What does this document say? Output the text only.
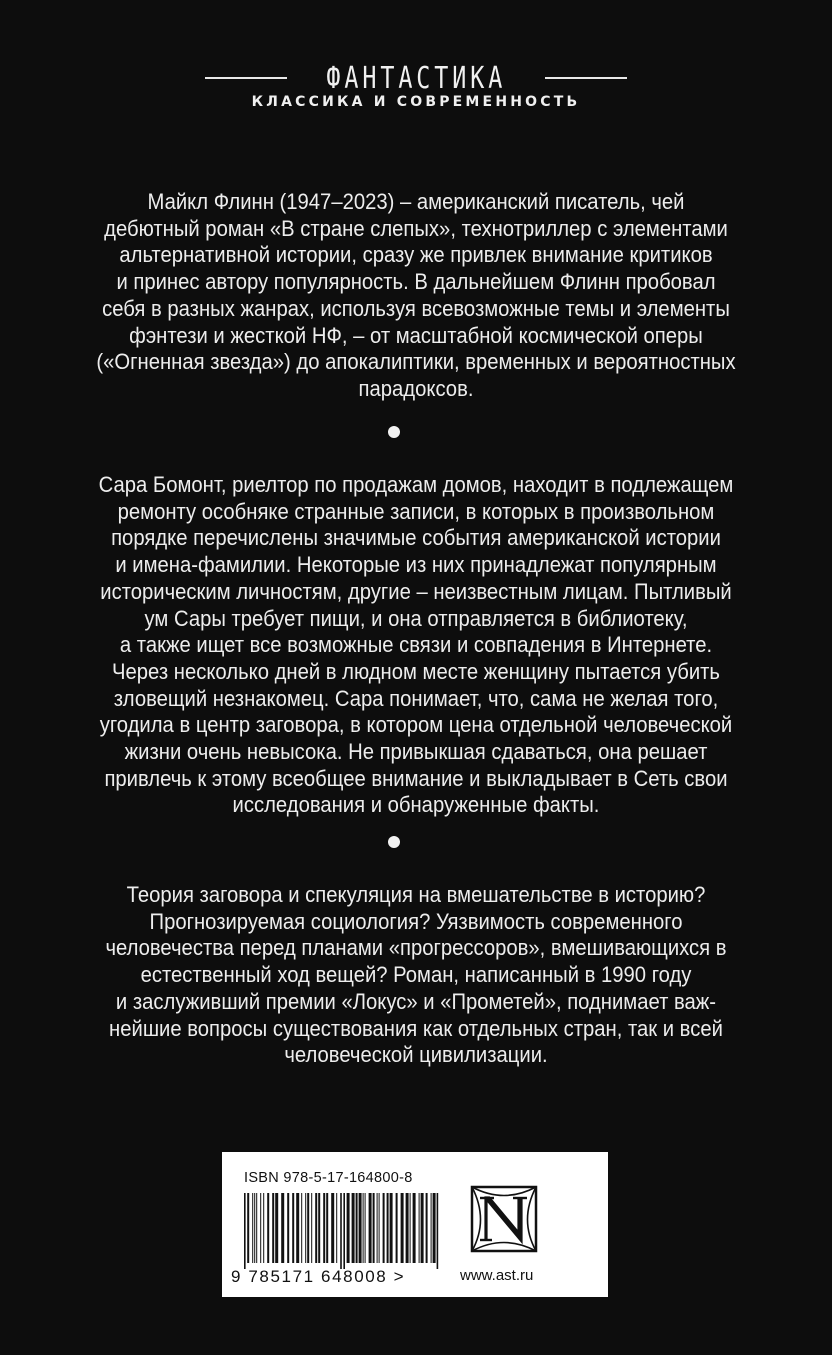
ФАНТАСТИКА
КЛАССИКА И СОВРЕМЕННОСТЬ

Майкл Флинн (1947–2023) – американский писатель, чей
дебютный роман «В стране слепых», технотриллер с элементами
альтернативной истории, сразу же привлек внимание критиков
и принес автору популярность. В дальнейшем Флинн пробовал
себя в разных жанрах, используя всевозможные темы и элементы
фэнтези и жесткой НФ, – от масштабной космической оперы
(«Огненная звезда») до апокалиптики, временных и вероятностных
парадоксов.

Сара Бомонт, риелтор по продажам домов, находит в подлежащем
ремонту особняке странные записи, в которых в произвольном
порядке перечислены значимые события американской истории
и имена-фамилии. Некоторые из них принадлежат популярным
историческим личностям, другие – неизвестным лицам. Пытливый
ум Сары требует пищи, и она отправляется в библиотеку,
а также ищет все возможные связи и совпадения в Интернете.
Через несколько дней в людном месте женщину пытается убить
зловещий незнакомец. Сара понимает, что, сама не желая того,
угодила в центр заговора, в котором цена отдельной человеческой
жизни очень невысока. Не привыкшая сдаваться, она решает
привлечь к этому всеобщее внимание и выкладывает в Сеть свои
исследования и обнаруженные факты.

Теория заговора и спекуляция на вмешательстве в историю?
Прогнозируемая социология? Уязвимость современного
человечества перед планами «прогрессоров», вмешивающихся в
естественный ход вещей? Роман, написанный в 1990 году
и заслуживший премии «Локус» и «Прометей», поднимает важ-
нейшие вопросы существования как отдельных стран, так и всей
человеческой цивилизации.

ISBN 978-5-17-164800-8
9 785171 648008 >	www.ast.ru
